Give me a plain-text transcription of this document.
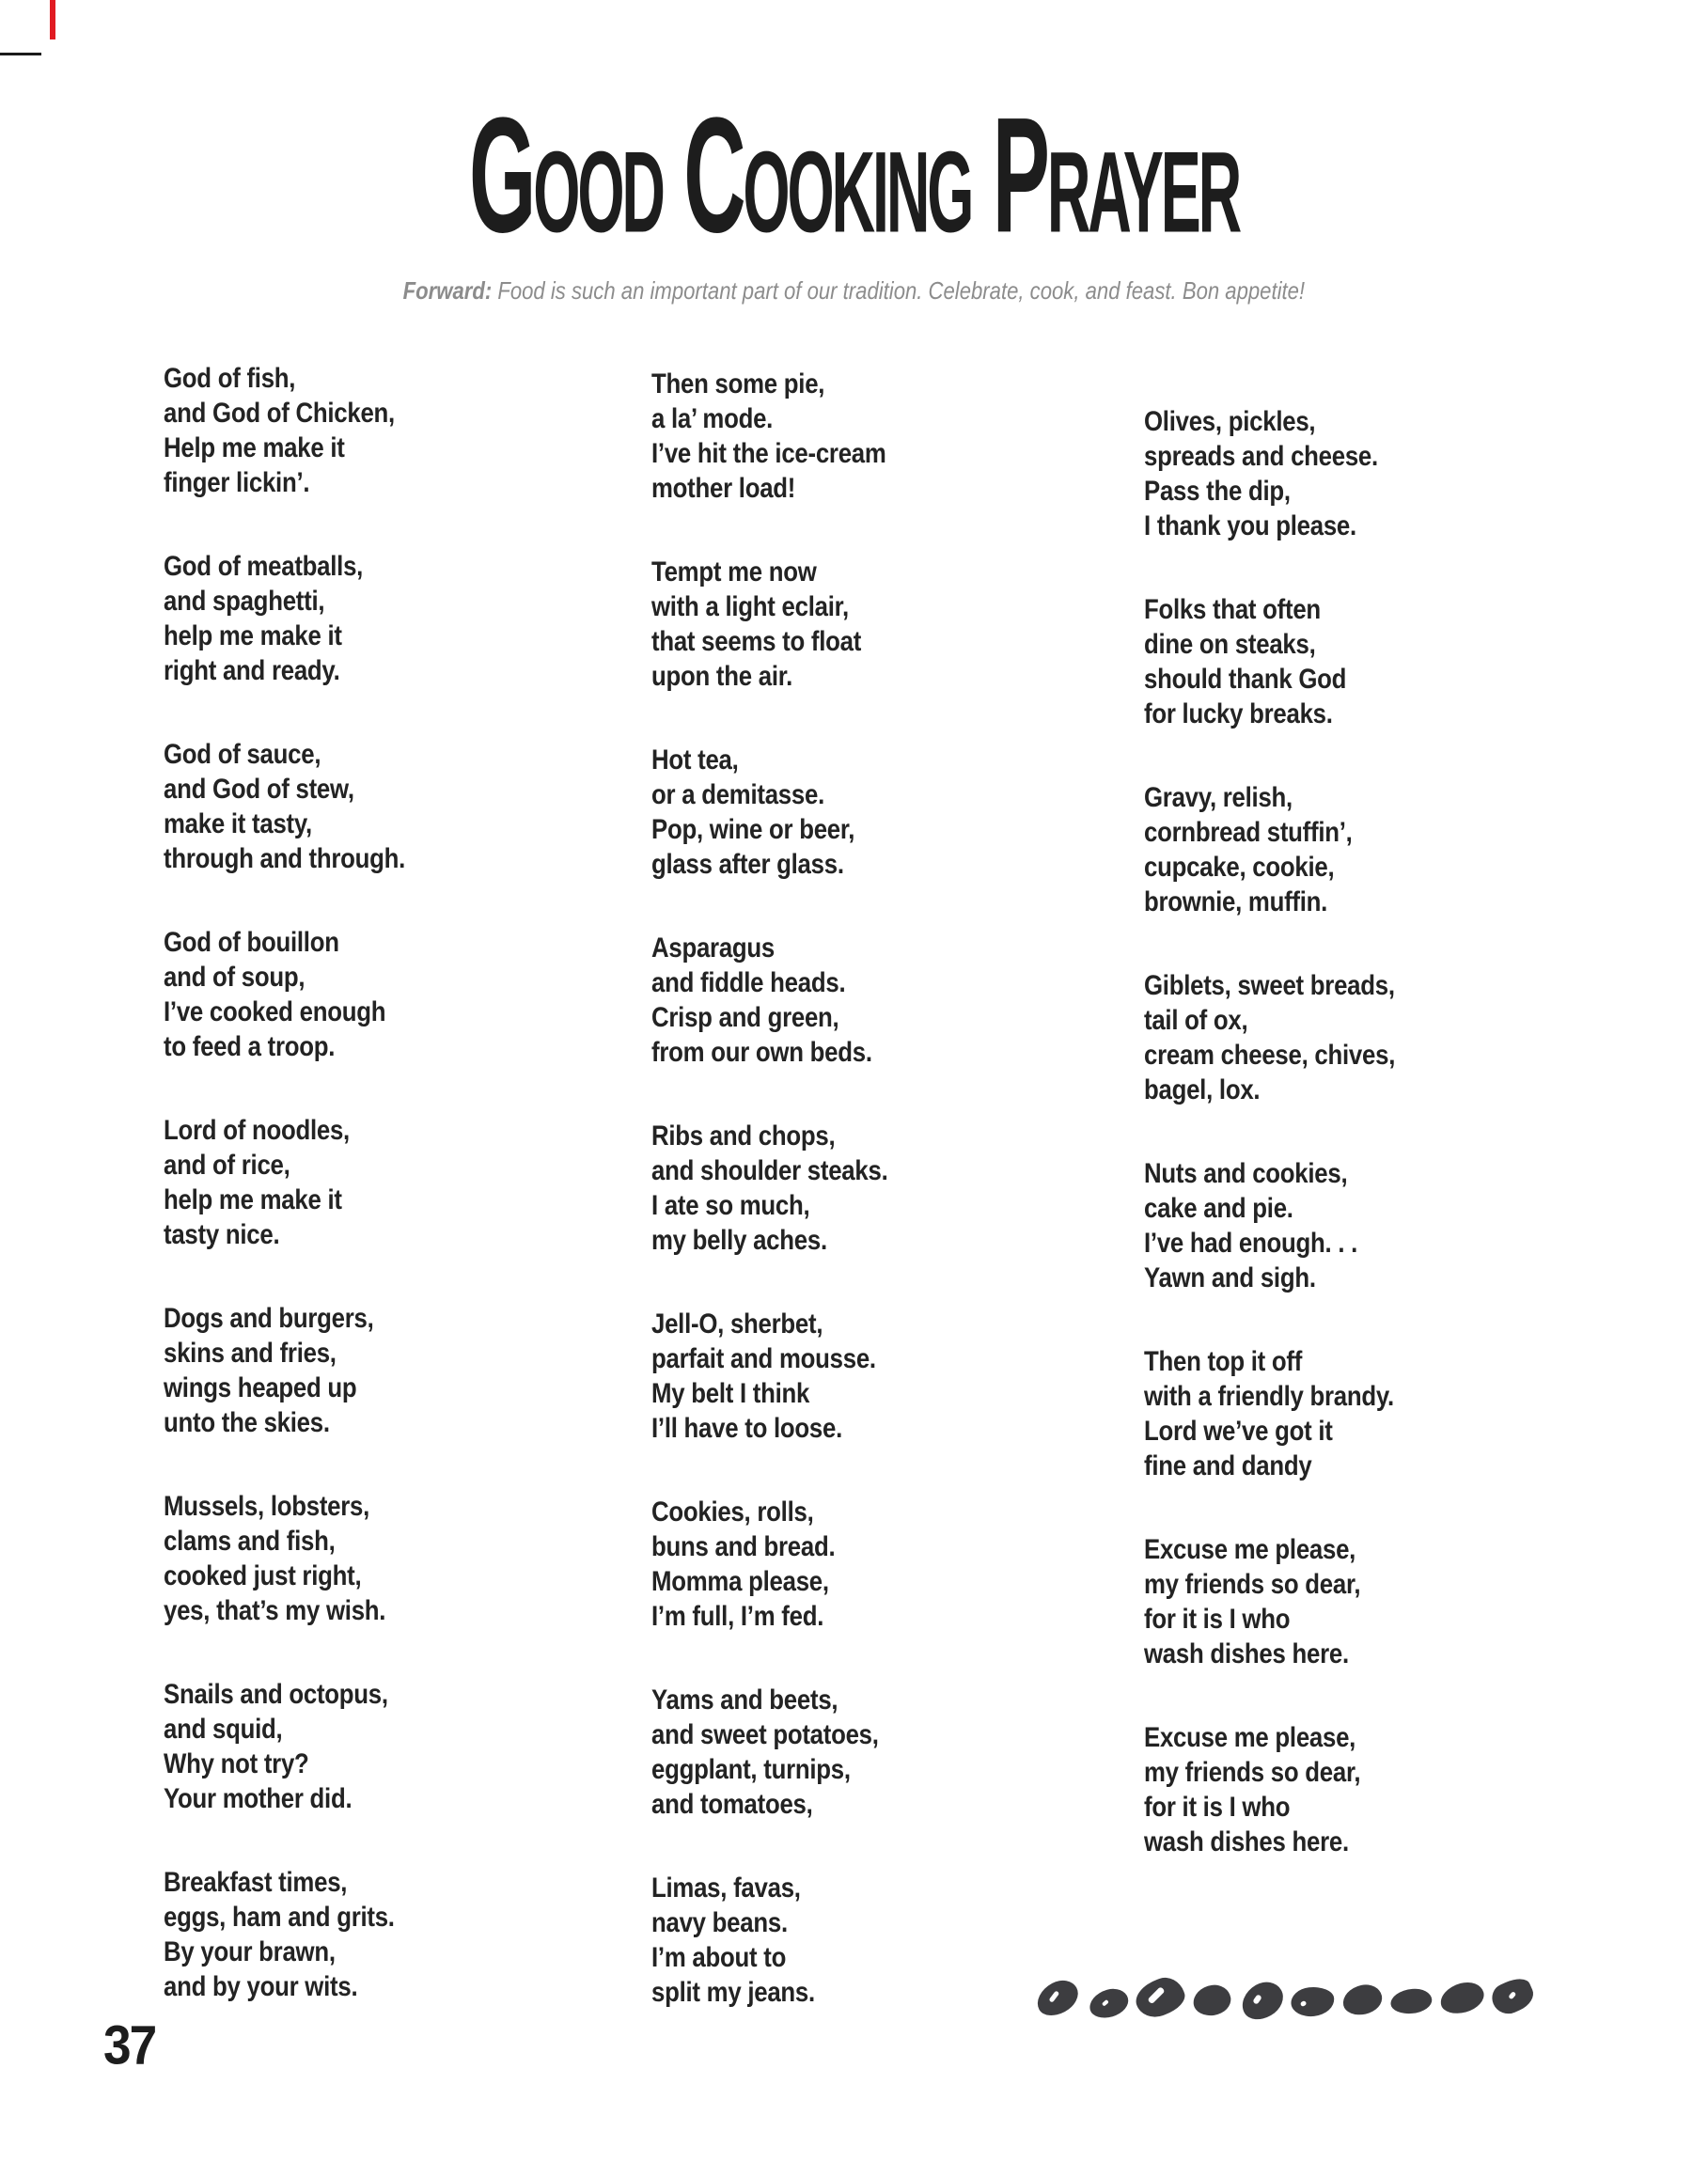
Good Cooking Prayer
Forward: Food is such an important part of our tradition. Celebrate, cook, and feast. Bon appetite!
God of fish,
and God of Chicken,
Help me make it
finger lickin’.
God of meatballs,
and spaghetti,
help me make it
right and ready.
God of sauce,
and God of stew,
make it tasty,
through and through.
God of bouillon
and of soup,
I’ve cooked enough
to feed a troop.
Lord of noodles,
and of rice,
help me make it
tasty nice.
Dogs and burgers,
skins and fries,
wings heaped up
unto the skies.
Mussels, lobsters,
clams and fish,
cooked just right,
yes, that’s my wish.
Snails and octopus,
and squid,
Why not try?
Your mother did.
Breakfast times,
eggs, ham and grits.
By your brawn,
and by your wits.
Then some pie,
a la’ mode.
I’ve hit the ice-cream
mother load!
Tempt me now
with a light eclair,
that seems to float
upon the air.
Hot tea,
or a demitasse.
Pop, wine or beer,
glass after glass.
Asparagus
and fiddle heads.
Crisp and green,
from our own beds.
Ribs and chops,
and shoulder steaks.
I ate so much,
my belly aches.
Jell-O, sherbet,
parfait and mousse.
My belt I think
I’ll have to loose.
Cookies, rolls,
buns and bread.
Momma please,
I’m full, I’m fed.
Yams and beets,
and sweet potatoes,
eggplant, turnips,
and tomatoes,
Limas, favas,
navy beans.
I’m about to
split my jeans.
Olives, pickles,
spreads and cheese.
Pass the dip,
I thank you please.
Folks that often
dine on steaks,
should thank God
for lucky breaks.
Gravy, relish,
cornbread stuffin’,
cupcake, cookie,
brownie, muffin.
Giblets, sweet breads,
tail of ox,
cream cheese, chives,
bagel, lox.
Nuts and cookies,
cake and pie.
I’ve had enough. . .
Yawn and sigh.
Then top it off
with a friendly brandy.
Lord we’ve got it
fine and dandy
Excuse me please,
my friends so dear,
for it is I who
wash dishes here.
Excuse me please,
my friends so dear,
for it is I who
wash dishes here.
37
